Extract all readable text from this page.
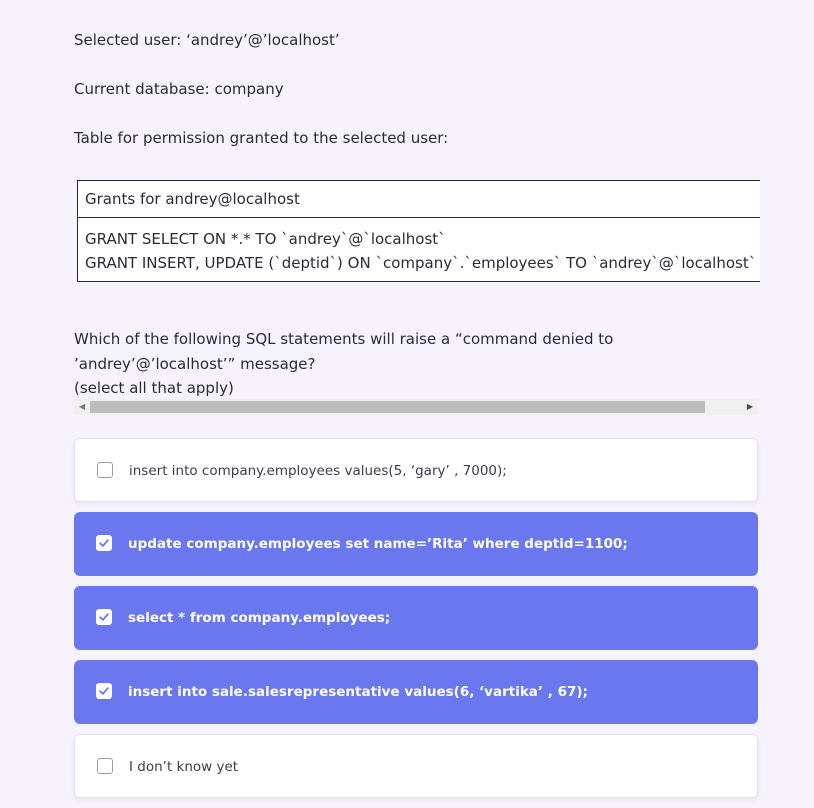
Selected user: ‘andrey’@’localhost’

Current database: company

Table for permission granted to the selected user:

Grants for andrey@localhost
GRANT SELECT ON *.* TO `andrey`@`localhost`
GRANT INSERT, UPDATE (`deptid`) ON `company`.`employees` TO `andrey`@`localhost`

Which of the following SQL statements will raise a “command denied to

’andrey’@’localhost’” message?

(select all that apply)

◀	▶
insert into company.employees values(5, ‘gary’ , 7000);
update company.employees set name=’Rita’ where deptid=1100;
select * from company.employees;
insert into sale.salesrepresentative values(6, ‘vartika’ , 67);
I don’t know yet
